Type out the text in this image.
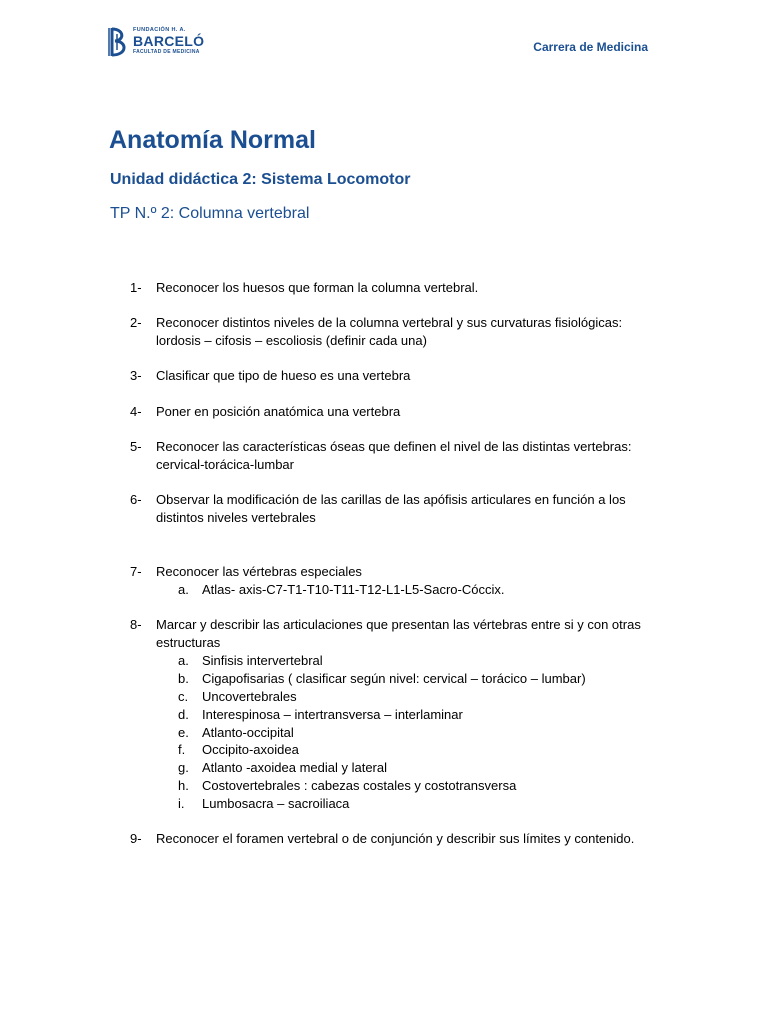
FUNDACIÓN H. A.
BARCELÓ
FACULTAD DE MEDICINA	Carrera de Medicina
Anatomía Normal
Unidad didáctica 2: Sistema Locomotor
TP N.º 2: Columna vertebral
1- Reconocer los huesos que forman la columna vertebral.
2- Reconocer distintos niveles de la columna vertebral y sus curvaturas fisiológicas: lordosis – cifosis – escoliosis (definir cada una)
3- Clasificar que tipo de hueso es una vertebra
4- Poner en posición anatómica una vertebra
5- Reconocer las características óseas que definen el nivel de las distintas vertebras: cervical-torácica-lumbar
6- Observar la modificación de las carillas de las apófisis articulares en función a los distintos niveles vertebrales
7- Reconocer las vértebras especiales
a. Atlas- axis-C7-T1-T10-T11-T12-L1-L5-Sacro-Cóccix.
8- Marcar y describir las articulaciones que presentan las vértebras entre si y con otras estructuras
a. Sinfisis intervertebral
b. Cigapofisarias ( clasificar según nivel: cervical – torácico – lumbar)
c. Uncovertebrales
d. Interespinosa – intertransversa – interlaminar
e. Atlanto-occipital
f. Occipito-axoidea
g. Atlanto -axoidea medial y lateral
h. Costovertebrales : cabezas costales y costotransversa
i. Lumbosacra – sacroiliaca
9- Reconocer el foramen vertebral o de conjunción y describir sus límites y contenido.
